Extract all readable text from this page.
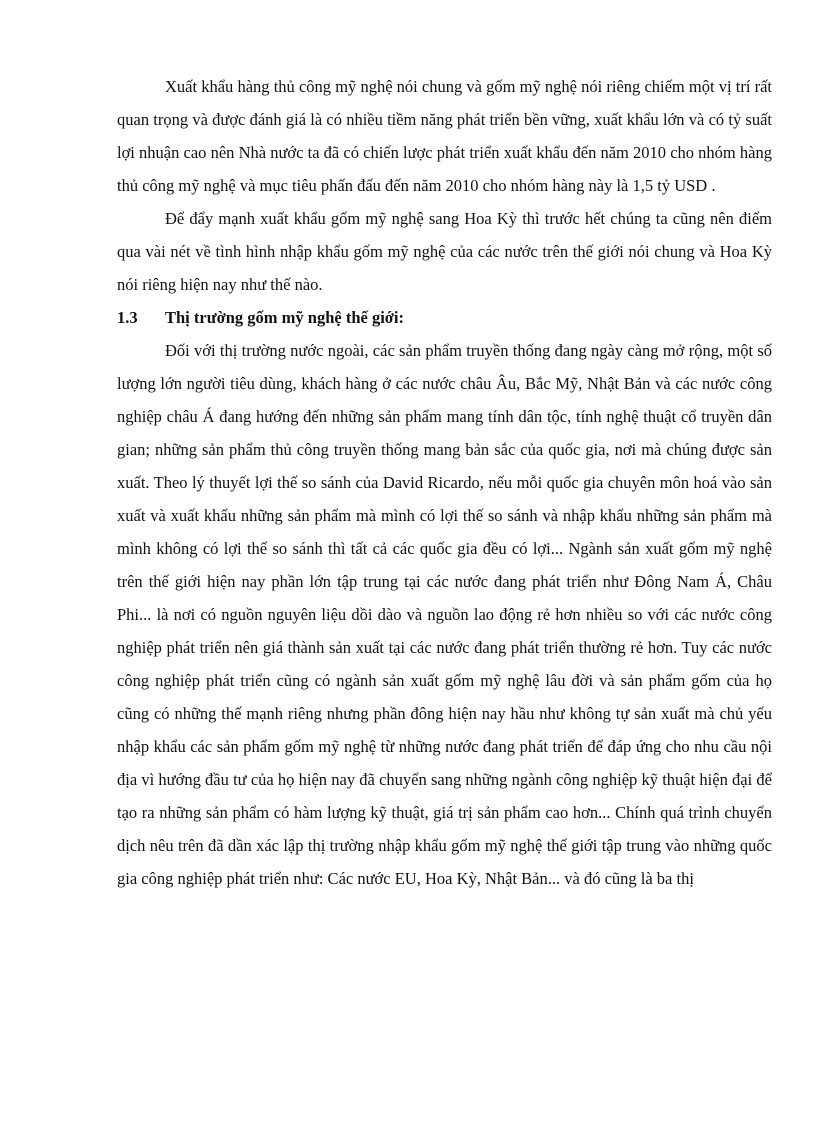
Xuất khẩu hàng thủ công mỹ nghệ nói chung và gốm mỹ nghệ nói riêng chiếm một vị trí rất quan trọng và được đánh giá là có nhiều tiềm năng phát triển bền vững, xuất khẩu lớn và có tỷ suất lợi nhuận cao nên Nhà nước ta đã có chiến lược phát triển xuất khẩu đến năm 2010 cho nhóm hàng thủ công mỹ nghệ và mục tiêu phấn đấu đến năm 2010 cho nhóm hàng này là 1,5 tỷ USD .

Để đẩy mạnh xuất khẩu gốm mỹ nghệ sang Hoa Kỳ thì trước hết chúng ta cũng nên điểm qua vài nét về tình hình nhập khẩu gốm mỹ nghệ của các nước trên thế giới nói chung và Hoa Kỳ nói riêng hiện nay như thế nào.

1.3	Thị trường gốm mỹ nghệ thế giới:

Đối với thị trường nước ngoài, các sản phẩm truyền thống đang ngày càng mở rộng, một số lượng lớn người tiêu dùng, khách hàng ở các nước châu Âu, Bắc Mỹ, Nhật Bản và các nước công nghiệp châu Á đang hướng đến những sản phẩm mang tính dân tộc, tính nghệ thuật cổ truyền dân gian; những sản phẩm thủ công truyền thống mang bản sắc của quốc gia, nơi mà chúng được sản xuất. Theo lý thuyết lợi thế so sánh của David Ricardo, nếu mỗi quốc gia chuyên môn hoá vào sản xuất và xuất khẩu những sản phẩm mà mình có lợi thế so sánh và nhập khẩu những sản phẩm mà mình không có lợi thế so sánh thì tất cả các quốc gia đều có lợi... Ngành sản xuất gốm mỹ nghệ trên thế giới hiện nay phần lớn tập trung tại các nước đang phát triển như Đông Nam Á, Châu Phi... là nơi có nguồn nguyên liệu dồi dào và nguồn lao động rẻ hơn nhiều so với các nước công nghiệp phát triển nên giá thành sản xuất tại các nước đang phát triển thường rẻ hơn. Tuy các nước công nghiệp phát triển cũng có ngành sản xuất gốm mỹ nghệ lâu đời và sản phẩm gốm của họ cũng có những thế mạnh riêng nhưng phần đông hiện nay hầu như không tự sản xuất mà chủ yếu nhập khẩu các sản phẩm gốm mỹ nghệ từ những nước đang phát triển để đáp ứng cho nhu cầu nội địa vì hướng đầu tư của họ hiện nay đã chuyển sang những ngành công nghiệp kỹ thuật hiện đại để tạo ra những sản phẩm có hàm lượng kỹ thuật, giá trị sản phẩm cao hơn... Chính quá trình chuyển dịch nêu trên đã dần xác lập thị trường nhập khẩu gốm mỹ nghệ thế giới tập trung vào những quốc gia công nghiệp phát triển như: Các nước EU, Hoa Kỳ, Nhật Bản... và đó cũng là ba thị
